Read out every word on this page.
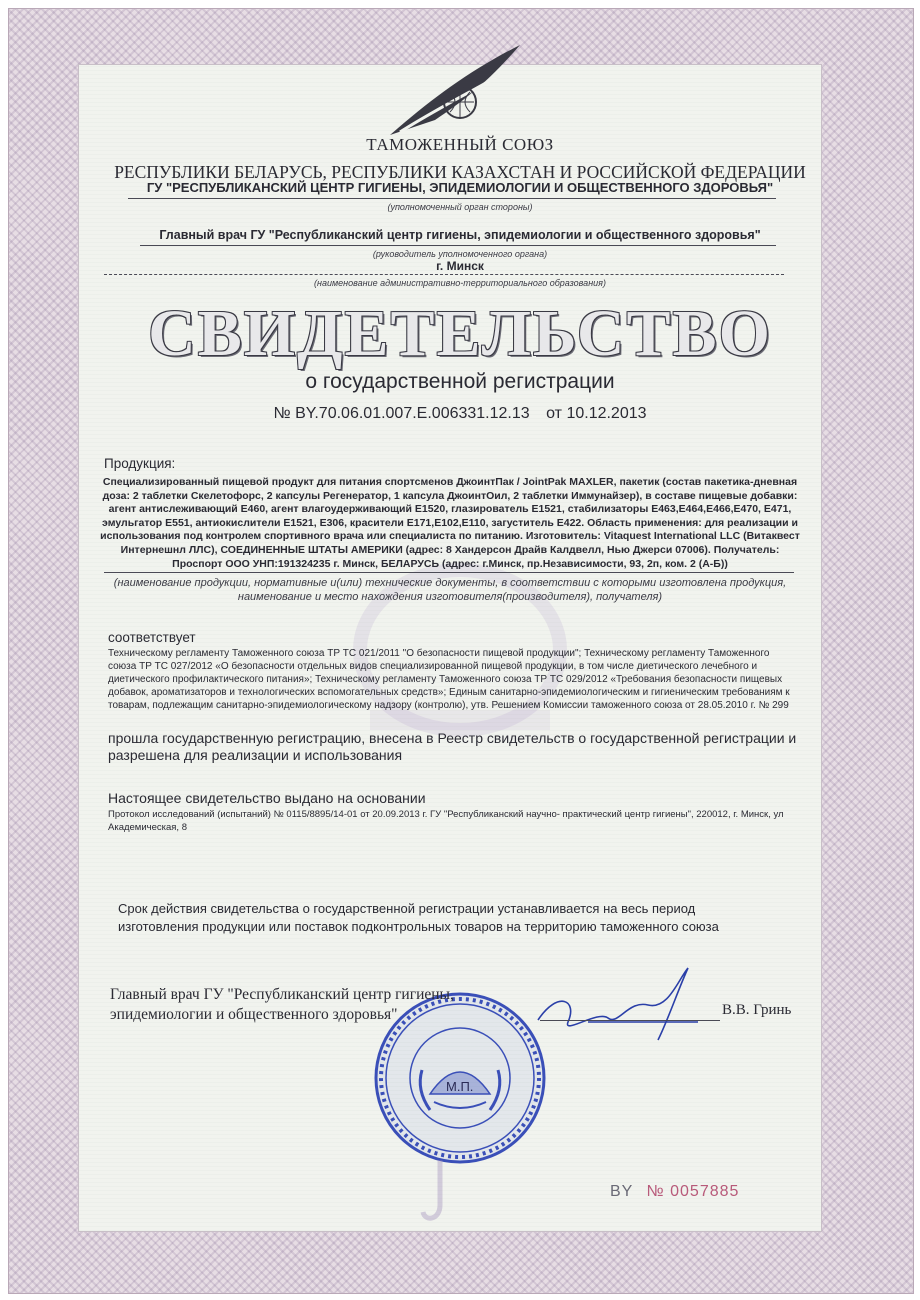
ТАМОЖЕННЫЙ СОЮЗ
РЕСПУБЛИКИ БЕЛАРУСЬ, РЕСПУБЛИКИ КАЗАХСТАН И РОССИЙСКОЙ ФЕДЕРАЦИИ
ГУ "РЕСПУБЛИКАНСКИЙ ЦЕНТР ГИГИЕНЫ, ЭПИДЕМИОЛОГИИ И ОБЩЕСТВЕННОГО ЗДОРОВЬЯ"
(уполномоченный орган стороны)
Главный врач ГУ "Республиканский центр гигиены, эпидемиологии и общественного здоровья"
(руководитель уполномоченного органа)
г. Минск
(наименование административно-территориального образования)
СВИДЕТЕЛЬСТВО
о государственной регистрации
№ BY.70.06.01.007.E.006331.12.13 от 10.12.2013
Продукция:
Специализированный пищевой продукт для питания спортсменов ДжоинтПак / JointPak MAXLER, пакетик (состав пакетика-дневная доза: 2 таблетки Скелетофорс, 2 капсулы Регенератор, 1 капсула ДжоинтОил, 2 таблетки Иммунайзер), в составе пищевые добавки: агент антислеживающий E460, агент влагоудерживающий E1520, глазирователь E1521, стабилизаторы E463,E464,E466,E470, E471, эмульгатор E551, антиокислители E1521, E306, красители E171,E102,E110, загуститель E422. Область применения: для реализации и использования под контролем спортивного врача или специалиста по питанию. Изготовитель: Vitaquest International LLC (Витаквест Интернешнл ЛЛС), СОЕДИНЕННЫЕ ШТАТЫ АМЕРИКИ (адрес: 8 Хандерсон Драйв Калдвелл, Нью Джерси 07006). Получатель: Проспорт ООО УНП:191324235 г. Минск, БЕЛАРУСЬ (адрес: г.Минск, пр.Независимости, 93, 2п, ком. 2 (А-Б))
(наименование продукции, нормативные и(или) технические документы, в соответствии с которыми изготовлена продукция, наименование и место нахождения изготовителя(производителя), получателя)
соответствует
Техническому регламенту Таможенного союза ТР ТС 021/2011 "О безопасности пищевой продукции"; Техническому регламенту Таможенного союза ТР ТС 027/2012 «О безопасности отдельных видов специализированной пищевой продукции, в том числе диетического лечебного и диетического профилактического питания»; Техническому регламенту Таможенного союза ТР ТС 029/2012 «Требования безопасности пищевых добавок, ароматизаторов и технологических вспомогательных средств»; Единым санитарно-эпидемиологическим и гигиеническим требованиям к товарам, подлежащим санитарно-эпидемиологическому надзору (контролю), утв. Решением Комиссии таможенного союза от 28.05.2010 г. № 299
прошла государственную регистрацию, внесена в Реестр свидетельств о государственной регистрации и разрешена для реализации и использования
Настоящее свидетельство выдано на основании
Протокол исследований (испытаний) № 0115/8895/14-01 от 20.09.2013 г. ГУ "Республиканский научно- практический центр гигиены", 220012, г. Минск, ул Академическая, 8
Срок действия свидетельства о государственной регистрации устанавливается на весь период изготовления продукции или поставок подконтрольных товаров на территорию таможенного союза
Главный врач ГУ "Республиканский центр гигиены, эпидемиологии и общественного здоровья"	В.В. Гринь
М.П.
BY № 0057885
